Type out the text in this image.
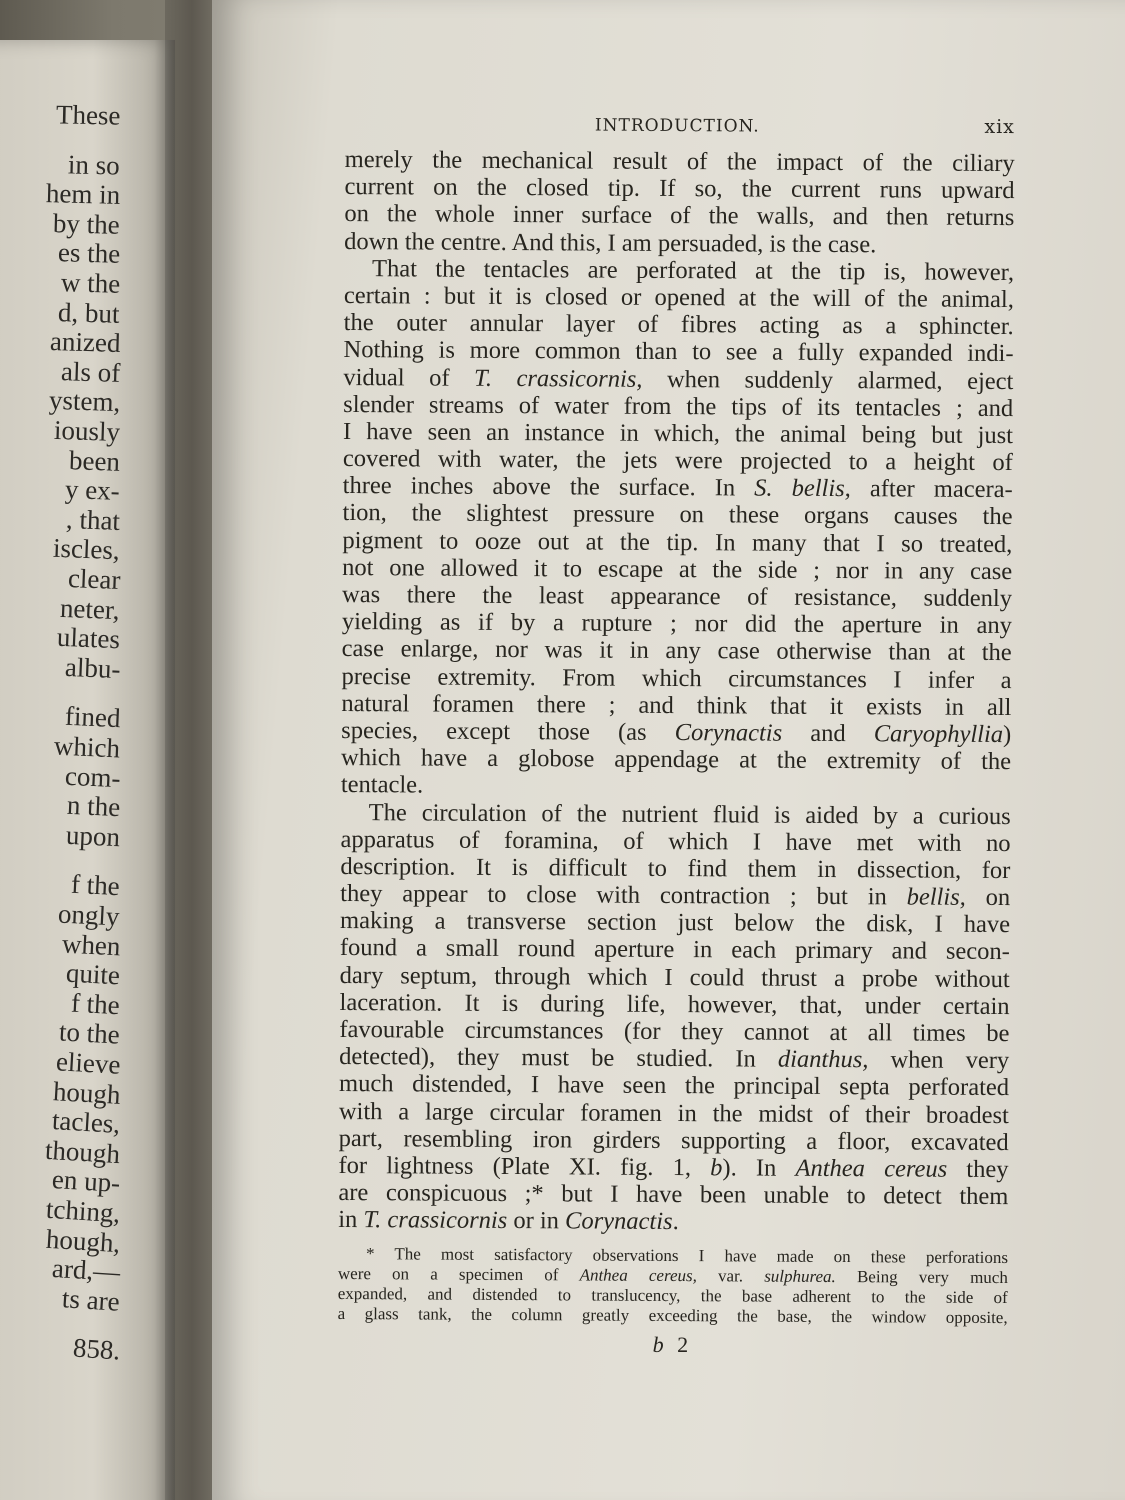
These
in so
hem in
by the
es the
w the
d, but
anized
als of
ystem,
iously
been
y ex-
, that
iscles,
clear
neter,
ulates
albu-
fined
which
com-
n the
upon
f the
ongly
when
quite
f the
to the
elieve
hough
tacles,
though
en up-
tching,
hough,
ard,—
ts are
858.
INTRODUCTION.	xix
merely the mechanical result of the impact of the ciliary
current on the closed tip. If so, the current runs upward
on the whole inner surface of the walls, and then returns
down the centre. And this, I am persuaded, is the case.
That the tentacles are perforated at the tip is, however,
certain : but it is closed or opened at the will of the animal,
the outer annular layer of fibres acting as a sphincter.
Nothing is more common than to see a fully expanded indi-
vidual of T. crassicornis, when suddenly alarmed, eject
slender streams of water from the tips of its tentacles ; and
I have seen an instance in which, the animal being but just
covered with water, the jets were projected to a height of
three inches above the surface. In S. bellis, after macera-
tion, the slightest pressure on these organs causes the
pigment to ooze out at the tip. In many that I so treated,
not one allowed it to escape at the side ; nor in any case
was there the least appearance of resistance, suddenly
yielding as if by a rupture ; nor did the aperture in any
case enlarge, nor was it in any case otherwise than at the
precise extremity. From which circumstances I infer a
natural foramen there ; and think that it exists in all
species, except those (as Corynactis and Caryophyllia)
which have a globose appendage at the extremity of the
tentacle.
The circulation of the nutrient fluid is aided by a curious
apparatus of foramina, of which I have met with no
description. It is difficult to find them in dissection, for
they appear to close with contraction ; but in bellis, on
making a transverse section just below the disk, I have
found a small round aperture in each primary and secon-
dary septum, through which I could thrust a probe without
laceration. It is during life, however, that, under certain
favourable circumstances (for they cannot at all times be
detected), they must be studied. In dianthus, when very
much distended, I have seen the principal septa perforated
with a large circular foramen in the midst of their broadest
part, resembling iron girders supporting a floor, excavated
for lightness (Plate XI. fig. 1, b). In Anthea cereus they
are conspicuous ;* but I have been unable to detect them
in T. crassicornis or in Corynactis.
* The most satisfactory observations I have made on these perforations
were on a specimen of Anthea cereus, var. sulphurea. Being very much
expanded, and distended to translucency, the base adherent to the side of
a glass tank, the column greatly exceeding the base, the window opposite,
b 2
